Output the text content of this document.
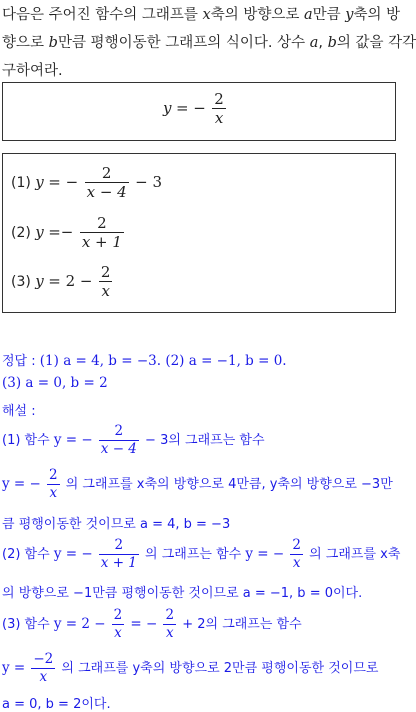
다음은 주어진 함수의 그래프를 x축의 방향으로 a만큼 y축의 방
향으로 b만큼 평행이동한 그래프의 식이다. 상수 a, b의 값을 각각
구하여라.
y = − $\frac{2}{x}$
(1) y = − $\frac{2}{x - 4} - 3$
(2) $y =- \frac{2}{x + 1}$
(3) $y = 2 - \frac{2}{x}$
정답 : (1) a = 4, b = −3. (2) a = −1, b = 0.
(3) a = 0, b = 2
해설 :
(1) 함수 y = − $\frac{2}{x - 4} - 3$의 그래프는 함수
y = − $\frac{2}{x}$ 의 그래프를 x축의 방향으로 4만큼, y축의 방향으로 −3만
큼 평행이동한 것이므로 a = 4, b = −3
(2) 함수 y = − $\frac{2}{x + 1}$ 의 그래프는 함수 y = − $\frac{2}{x}$ 의 그래프를 x축
의 방향으로 −1만큼 평행이동한 것이므로 a = −1, b = 0이다.
(3) 함수 $y = 2 - \frac{2}{x}$ = − $\frac{2}{x} + 2$의 그래프는 함수
$y = \frac{-2}{x}$ 의 그래프를 y축의 방향으로 2만큼 평행이동한 것이므로
a = 0, b = 2이다.
